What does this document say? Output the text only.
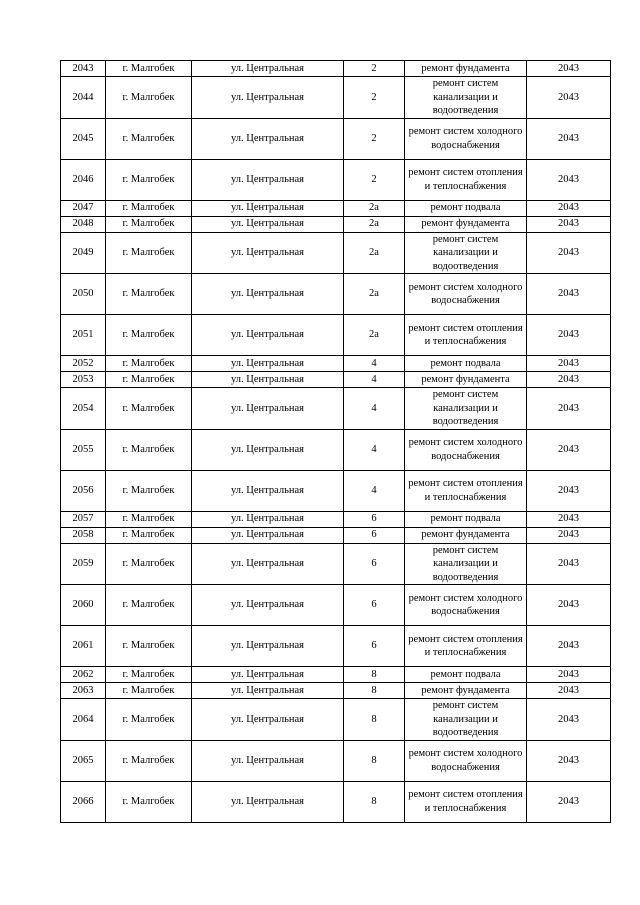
2043	г. Малгобек	ул. Центральная	2	ремонт фундамента	2043
2044	г. Малгобек	ул. Центральная	2	ремонт систем канализации и водоотведения	2043
2045	г. Малгобек	ул. Центральная	2	ремонт систем холодного водоснабжения	2043
2046	г. Малгобек	ул. Центральная	2	ремонт систем отопления и теплоснабжения	2043
2047	г. Малгобек	ул. Центральная	2а	ремонт подвала	2043
2048	г. Малгобек	ул. Центральная	2а	ремонт фундамента	2043
2049	г. Малгобек	ул. Центральная	2а	ремонт систем канализации и водоотведения	2043
2050	г. Малгобек	ул. Центральная	2а	ремонт систем холодного водоснабжения	2043
2051	г. Малгобек	ул. Центральная	2а	ремонт систем отопления и теплоснабжения	2043
2052	г. Малгобек	ул. Центральная	4	ремонт подвала	2043
2053	г. Малгобек	ул. Центральная	4	ремонт фундамента	2043
2054	г. Малгобек	ул. Центральная	4	ремонт систем канализации и водоотведения	2043
2055	г. Малгобек	ул. Центральная	4	ремонт систем холодного водоснабжения	2043
2056	г. Малгобек	ул. Центральная	4	ремонт систем отопления и теплоснабжения	2043
2057	г. Малгобек	ул. Центральная	6	ремонт подвала	2043
2058	г. Малгобек	ул. Центральная	6	ремонт фундамента	2043
2059	г. Малгобек	ул. Центральная	6	ремонт систем канализации и водоотведения	2043
2060	г. Малгобек	ул. Центральная	6	ремонт систем холодного водоснабжения	2043
2061	г. Малгобек	ул. Центральная	6	ремонт систем отопления и теплоснабжения	2043
2062	г. Малгобек	ул. Центральная	8	ремонт подвала	2043
2063	г. Малгобек	ул. Центральная	8	ремонт фундамента	2043
2064	г. Малгобек	ул. Центральная	8	ремонт систем канализации и водоотведения	2043
2065	г. Малгобек	ул. Центральная	8	ремонт систем холодного водоснабжения	2043
2066	г. Малгобек	ул. Центральная	8	ремонт систем отопления и теплоснабжения	2043
